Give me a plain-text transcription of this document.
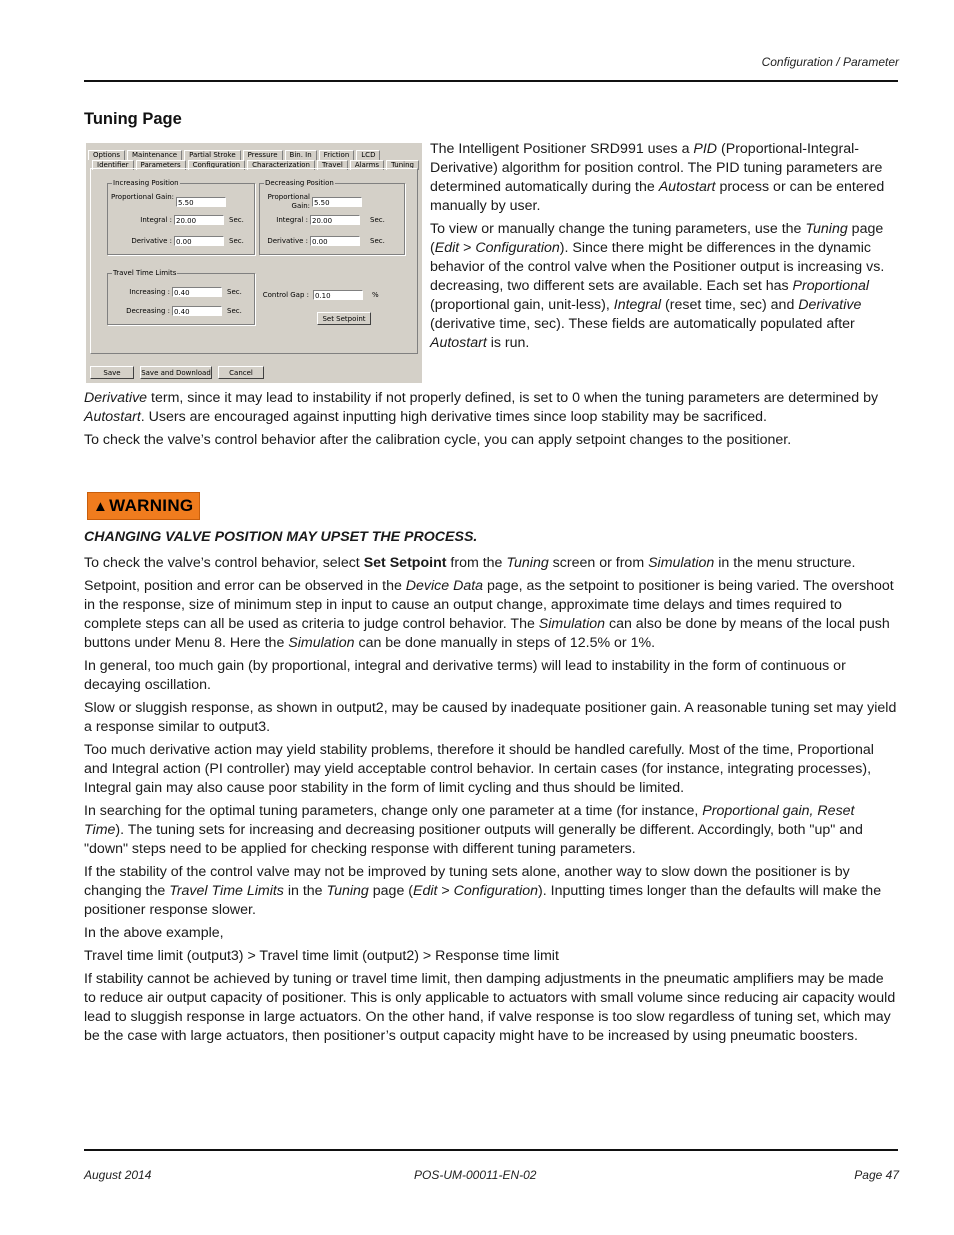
Configuration / Parameter
Tuning Page
Options	Maintenance	Partial Stroke	Pressure	Bin. In	Friction	LCD
Identifier	Parameters	Configuration	Characterization	Travel	Alarms	Tuning
Increasing Position
Proportional Gain:
5.50
Integral : 20.00	Sec.
Derivative : 0.00	Sec.
Decreasing Position
Proportional Gain: 5.50
Integral : 20.00	Sec.
Derivative : 0.00	Sec.
Travel Time Limits
Increasing : 0.40	Sec.
Decreasing : 0.40	Sec.
Control Gap : 0.10	%
Set Setpoint
Save	Save and Download	Cancel

The Intelligent Positioner SRD991 uses a PID (Proportional-Integral-Derivative) algorithm for position control. The PID tuning parameters are determined automatically during the Autostart process or can be entered manually by user.

To view or manually change the tuning parameters, use the Tuning page (Edit > Configuration). Since there might be differences in the dynamic behavior of the control valve when the Positioner output is increasing vs. decreasing, two different sets are available. Each set has Proportional (proportional gain, unit-less), Integral (reset time, sec) and Derivative (derivative time, sec). These fields are automatically populated after Autostart is run.

Derivative term, since it may lead to instability if not properly defined, is set to 0 when the tuning parameters are determined by Autostart. Users are encouraged against inputting high derivative times since loop stability may be sacrificed.

To check the valve’s control behavior after the calibration cycle, you can apply setpoint changes to the positioner.

▲WARNING

CHANGING VALVE POSITION MAY UPSET THE PROCESS.

To check the valve’s control behavior, select Set Setpoint from the Tuning screen or from Simulation in the menu structure.

Setpoint, position and error can be observed in the Device Data page, as the setpoint to positioner is being varied. The overshoot in the response, size of minimum step in input to cause an output change, approximate time delays and times required to complete steps can all be used as criteria to judge control behavior. The Simulation can also be done by means of the local push buttons under Menu 8. Here the Simulation can be done manually in steps of 12.5% or 1%.

In general, too much gain (by proportional, integral and derivative terms) will lead to instability in the form of continuous or decaying oscillation.

Slow or sluggish response, as shown in output2, may be caused by inadequate positioner gain. A reasonable tuning set may yield a response similar to output3.

Too much derivative action may yield stability problems, therefore it should be handled carefully. Most of the time, Proportional and Integral action (PI controller) may yield acceptable control behavior. In certain cases (for instance, integrating processes), Integral gain may also cause poor stability in the form of limit cycling and thus should be limited.

In searching for the optimal tuning parameters, change only one parameter at a time (for instance, Proportional gain, Reset Time). The tuning sets for increasing and decreasing positioner outputs will generally be different. Accordingly, both "up" and "down" steps need to be applied for checking response with different tuning parameters.

If the stability of the control valve may not be improved by tuning sets alone, another way to slow down the positioner is by changing the Travel Time Limits in the Tuning page (Edit > Configuration). Inputting times longer than the defaults will make the positioner response slower.

In the above example,

Travel time limit (output3) > Travel time limit (output2) > Response time limit

If stability cannot be achieved by tuning or travel time limit, then damping adjustments in the pneumatic amplifiers may be made to reduce air output capacity of positioner. This is only applicable to actuators with small volume since reducing air capacity would lead to sluggish response in large actuators. On the other hand, if valve response is too slow regardless of tuning set, which may be the case with large actuators, then positioner’s output capacity might have to be increased by using pneumatic boosters.

August 2014	POS-UM-00011-EN-02	Page 47
